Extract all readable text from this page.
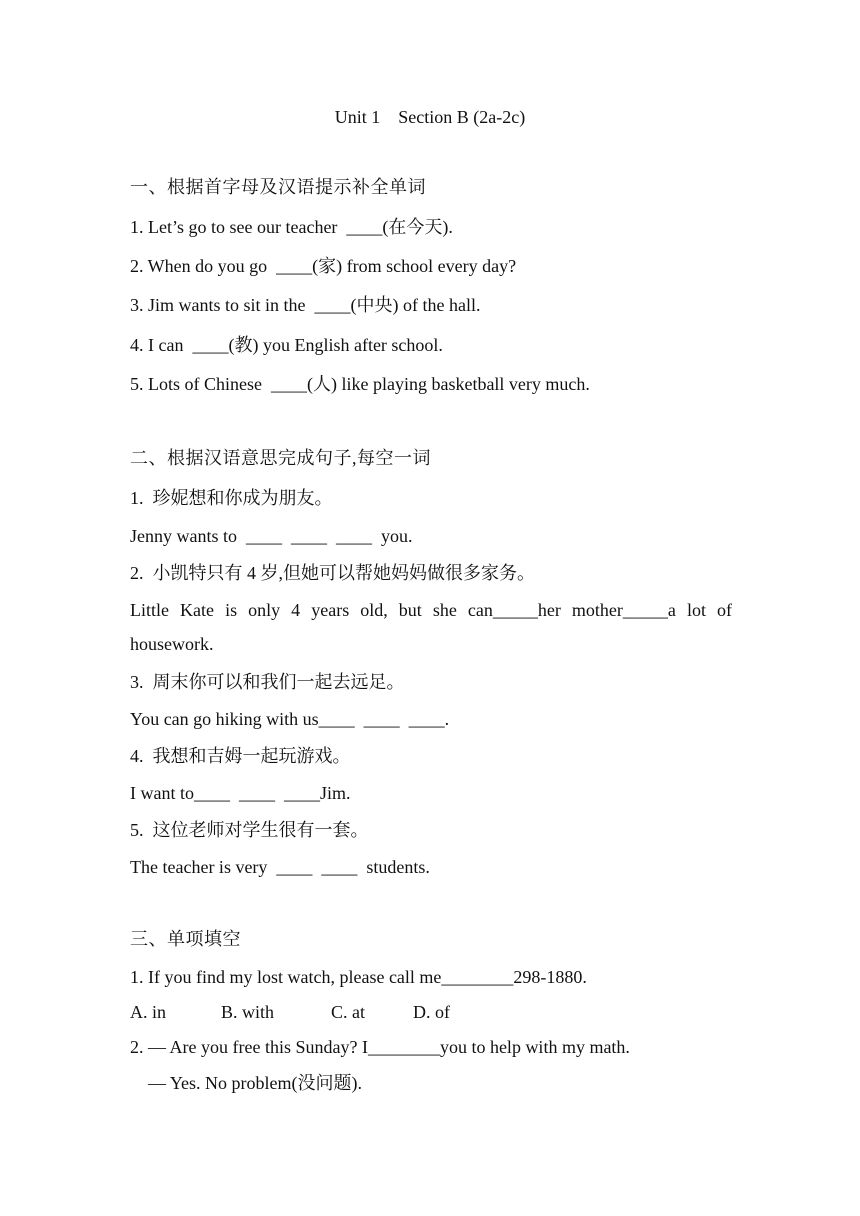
Unit 1    Section B (2a-2c)
一、根据首字母及汉语提示补全单词
1. Let’s go to see our teacher  ____(在今天).
2. When do you go  ____(家) from school every day?
3. Jim wants to sit in the  ____(中央) of the hall.
4. I can  ____(教) you English after school.
5. Lots of Chinese  ____(人) like playing basketball very much.
二、根据汉语意思完成句子,每空一词
1.  珍妮想和你成为朋友。
Jenny wants to  ____  ____  ____  you.
2.  小凯特只有 4 岁,但她可以帮她妈妈做很多家务。
Little Kate is only 4 years old, but she can_____her mother_____a lot of
housework.
3.  周末你可以和我们一起去远足。
You can go hiking with us____  ____  ____.
4.  我想和吉姆一起玩游戏。
I want to____  ____  ____Jim.
5.  这位老师对学生很有一套。
The teacher is very  ____  ____  students.
三、单项填空
1. If you find my lost watch, please call me________298-1880.
A. in	B. with	C. at	D. of
2. — Are you free this Sunday? I________you to help with my math.
— Yes. No problem(没问题).
